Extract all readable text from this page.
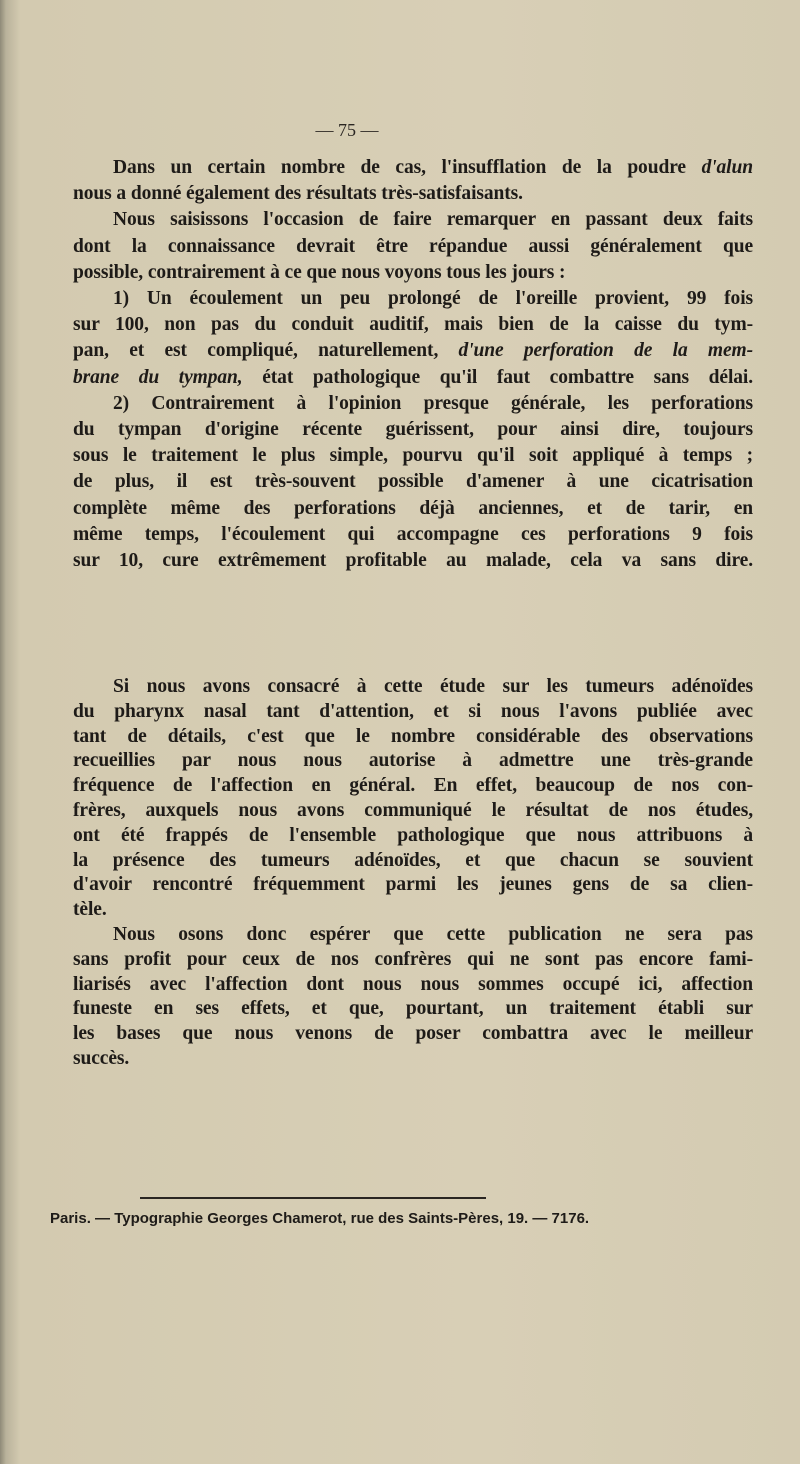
— 75 —
Dans un certain nombre de cas, l'insufflation de la poudre d'alun
nous a donné également des résultats très-satisfaisants.
Nous saisissons l'occasion de faire remarquer en passant deux faits
dont la connaissance devrait être répandue aussi généralement que
possible, contrairement à ce que nous voyons tous les jours :
1) Un écoulement un peu prolongé de l'oreille provient, 99 fois
sur 100, non pas du conduit auditif, mais bien de la caisse du tym-
pan, et est compliqué, naturellement, d'une perforation de la mem-
brane du tympan, état pathologique qu'il faut combattre sans délai.
2) Contrairement à l'opinion presque générale, les perforations
du tympan d'origine récente guérissent, pour ainsi dire, toujours
sous le traitement le plus simple, pourvu qu'il soit appliqué à temps ;
de plus, il est très-souvent possible d'amener à une cicatrisation
complète même des perforations déjà anciennes, et de tarir, en
même temps, l'écoulement qui accompagne ces perforations 9 fois
sur 10, cure extrêmement profitable au malade, cela va sans dire.
Si nous avons consacré à cette étude sur les tumeurs adénoïdes
du pharynx nasal tant d'attention, et si nous l'avons publiée avec
tant de détails, c'est que le nombre considérable des observations
recueillies par nous nous autorise à admettre une très-grande
fréquence de l'affection en général. En effet, beaucoup de nos con-
frères, auxquels nous avons communiqué le résultat de nos études,
ont été frappés de l'ensemble pathologique que nous attribuons à
la présence des tumeurs adénoïdes, et que chacun se souvient
d'avoir rencontré fréquemment parmi les jeunes gens de sa clien-
tèle.
Nous osons donc espérer que cette publication ne sera pas
sans profit pour ceux de nos confrères qui ne sont pas encore fami-
liarisés avec l'affection dont nous nous sommes occupé ici, affection
funeste en ses effets, et que, pourtant, un traitement établi sur
les bases que nous venons de poser combattra avec le meilleur
succès.
Paris. — Typographie Georges Chamerot, rue des Saints-Pères, 19. — 7176.
